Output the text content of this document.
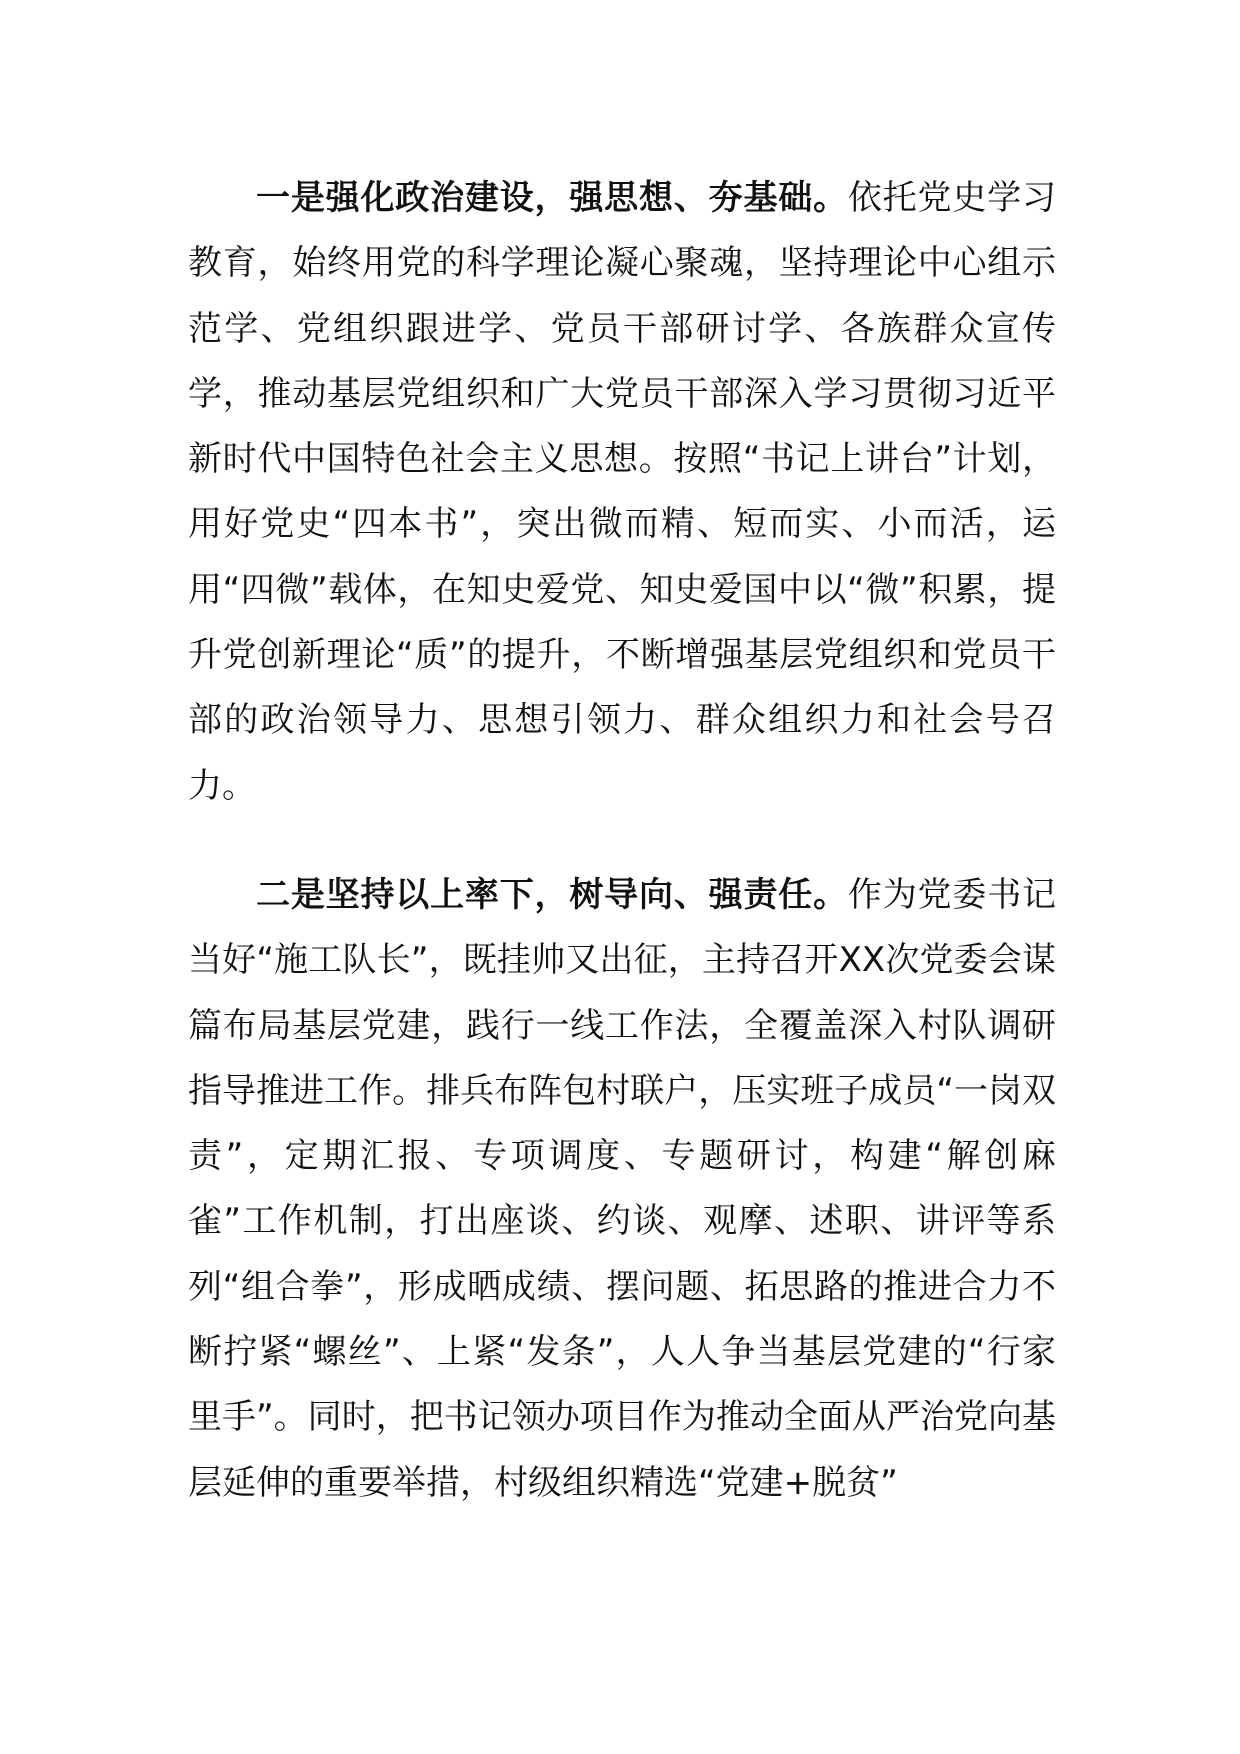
一是强化政治建设，强思想、夯基础。依托党史学习教育，始终用党的科学理论凝心聚魂，坚持理论中心组示范学、党组织跟进学、党员干部研讨学、各族群众宣传学，推动基层党组织和广大党员干部深入学习贯彻习近平新时代中国特色社会主义思想。按照“书记上讲台”计划，用好党史“四本书”，突出微而精、短而实、小而活，运用“四微”载体，在知史爱党、知史爱国中以“微”积累，提升党创新理论“质”的提升，不断增强基层党组织和党员干部的政治领导力、思想引领力、群众组织力和社会号召力。

二是坚持以上率下，树导向、强责任。作为党委书记当好“施工队长”，既挂帅又出征，主持召开XX次党委会谋篇布局基层党建，践行一线工作法，全覆盖深入村队调研指导推进工作。排兵布阵包村联户，压实班子成员“一岗双责”，定期汇报、专项调度、专题研讨，构建“解创麻雀”工作机制，打出座谈、约谈、观摩、述职、讲评等系列“组合拳”，形成晒成绩、摆问题、拓思路的推进合力不断拧紧“螺丝”、上紧“发条”，人人争当基层党建的“行家里手”。同时，把书记领办项目作为推动全面从严治党向基层延伸的重要举措，村级组织精选“党建+脱贫”
